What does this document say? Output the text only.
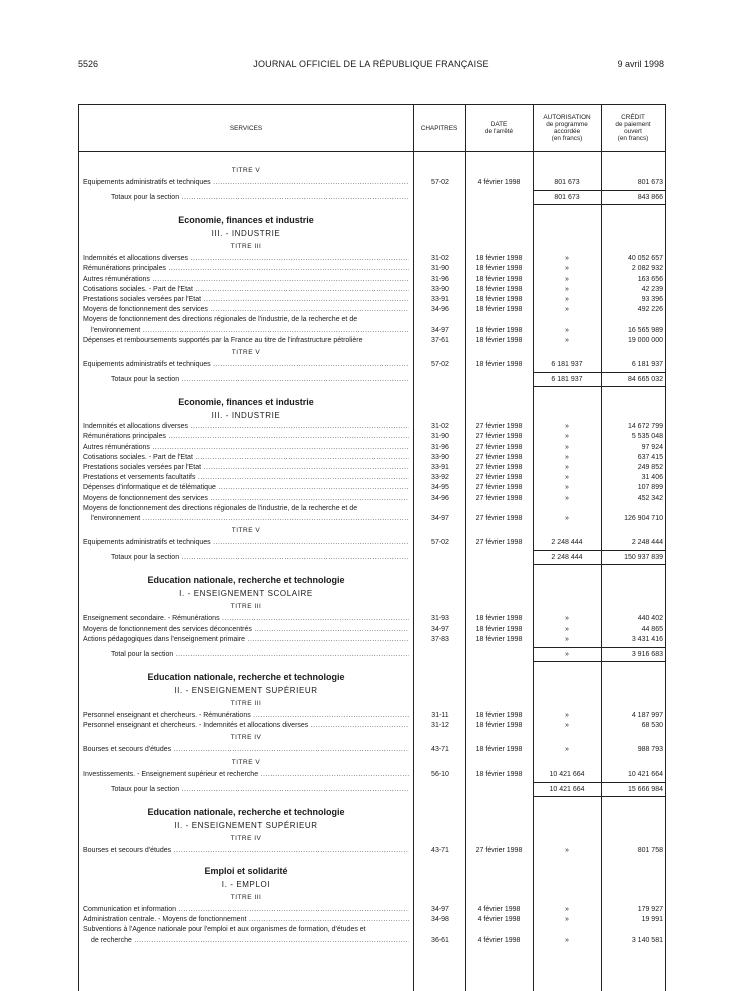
5526	JOURNAL OFFICIEL DE LA RÉPUBLIQUE FRANÇAISE	9 avril 1998
SERVICES	CHAPITRES	DATE
de l'arrêté
AUTORISATION
de programme
accordée
(en francs)
CRÉDIT
de paiement
ouvert
(en francs)
TITRE V
Equipements administratifs et techniques .....	57-02	4 février 1998	801 673	801 673
Totaux pour la section .....	801 673	843 866
Economie, finances et industrie
III. - INDUSTRIE
TITRE III
Indemnités et allocations diverses .....	31-02	18 février 1998	»	40 052 657
Rémunérations principales .....	31-90	18 février 1998	»	2 082 932
Autres rémunérations .....	31-96	18 février 1998	»	163 656
Cotisations sociales. - Part de l'Etat .....	33-90	18 février 1998	»	42 239
Prestations sociales versées par l'Etat .....	33-91	18 février 1998	»	93 396
Moyens de fonctionnement des services .....	34-96	18 février 1998	»	492 226
Moyens de fonctionnement des directions régionales de l'industrie, de la recherche et de
l'environnement .....	34-97	18 février 1998	»	16 565 989
Dépenses et remboursements supportés par la France au titre de l'infrastructure pétrolière	37-61	18 février 1998	»	19 000 000
TITRE V
Equipements administratifs et techniques .....	57-02	18 février 1998	6 181 937	6 181 937
Totaux pour la section .....	6 181 937	84 665 032
Economie, finances et industrie
III. - INDUSTRIE
Indemnités et allocations diverses .....	31-02	27 février 1998	»	14 672 799
Rémunérations principales .....	31-90	27 février 1998	»	5 535 048
Autres rémunérations .....	31-96	27 février 1998	»	97 924
Cotisations sociales. - Part de l'Etat .....	33-90	27 février 1998	»	637 415
Prestations sociales versées par l'Etat .....	33-91	27 février 1998	»	249 852
Prestations et versements facultatifs .....	33-92	27 février 1998	»	31 406
Dépenses d'informatique et de télématique .....	34-95	27 février 1998	»	107 899
Moyens de fonctionnement des services .....	34-96	27 février 1998	»	452 342
Moyens de fonctionnement des directions régionales de l'industrie, de la recherche et de
l'environnement .....	34-97	27 février 1998	»	126 904 710
TITRE V
Equipements administratifs et techniques .....	57-02	27 février 1998	2 248 444	2 248 444
Totaux pour la section .....	2 248 444	150 937 839
Education nationale, recherche et technologie
I. - ENSEIGNEMENT SCOLAIRE
TITRE III
Enseignement secondaire. - Rémunérations .....	31-93	18 février 1998	»	440 402
Moyens de fonctionnement des services déconcentrés .....	34-97	18 février 1998	»	44 865
Actions pédagogiques dans l'enseignement primaire .....	37-83	18 février 1998	»	3 431 416
Total pour la section .....	»	3 916 683
Education nationale, recherche et technologie
II. - ENSEIGNEMENT SUPÉRIEUR
TITRE III
Personnel enseignant et chercheurs. - Rémunérations .....	31-11	18 février 1998	»	4 187 997
Personnel enseignant et chercheurs. - Indemnités et allocations diverses .....	31-12	18 février 1998	»	68 530
TITRE IV
Bourses et secours d'études .....	43-71	18 février 1998	»	988 793
TITRE V
Investissements. - Enseignement supérieur et recherche .....	56-10	18 février 1998	10 421 664	10 421 664
Totaux pour la section .....	10 421 664	15 666 984
Education nationale, recherche et technologie
II. - ENSEIGNEMENT SUPÉRIEUR
TITRE IV
Bourses et secours d'études .....	43-71	27 février 1998	»	801 758
Emploi et solidarité
I. - EMPLOI
TITRE III
Communication et information .....	34-97	4 février 1998	»	179 927
Administration centrale. - Moyens de fonctionnement .....	34-98	4 février 1998	»	19 991
Subventions à l'Agence nationale pour l'emploi et aux organismes de formation, d'études et
de recherche .....	36-61	4 février 1998	»	3 140 581
